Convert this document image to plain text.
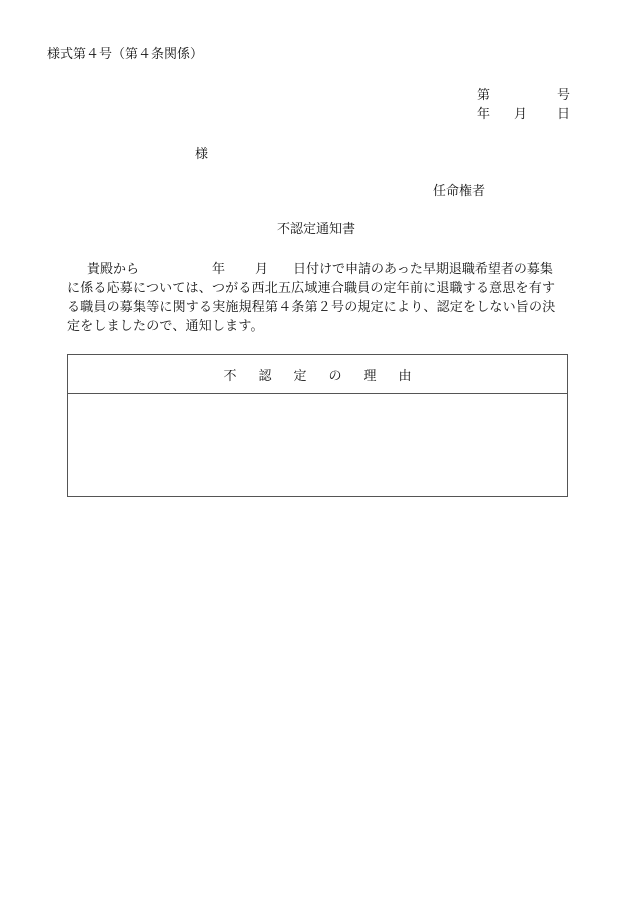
様式第４号（第４条関係）
第	号
年 月 日
様
任命権者
不認定通知書
貴殿から	年 月 日付けで申請のあった早期退職希望者の募集
に係る応募については、つがる西北五広域連合職員の定年前に退職する意思を有す
る職員の募集等に関する実施規程第４条第２号の規定により、認定をしない旨の決
定をしましたので、通知します。
不 認 定 の 理 由
